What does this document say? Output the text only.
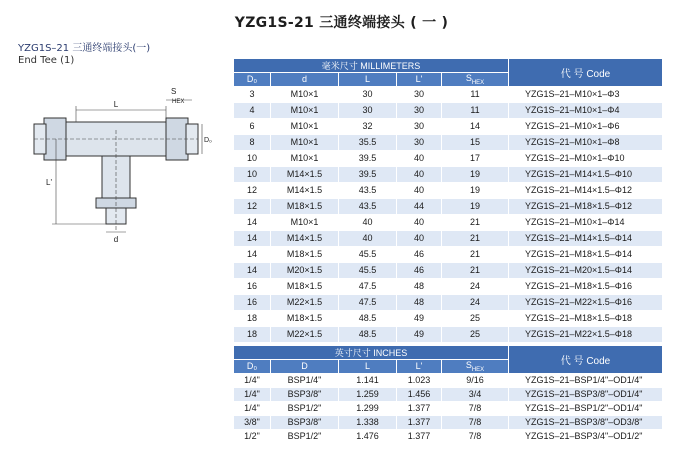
YZG1S-21 三通终端接头 ( 一 )
YZG1S–21 三通终端接头(一)
End Tee (1)
L
S
HEX
D₀
L'
d
毫米尺寸 MILLIMETERS					代 号 Code
D₀	d	L	L'	$S_{HEX}$
3	M10×1	30	30	11	YZG1S–21–M10×1–Φ3
4	M10×1	30	30	11	YZG1S–21–M10×1–Φ4
6	M10×1	32	30	14	YZG1S–21–M10×1–Φ6
8	M10×1	35.5	30	15	YZG1S–21–M10×1–Φ8
10	M10×1	39.5	40	17	YZG1S–21–M10×1–Φ10
10	M14×1.5	39.5	40	19	YZG1S–21–M14×1.5–Φ10
12	M14×1.5	43.5	40	19	YZG1S–21–M14×1.5–Φ12
12	M18×1.5	43.5	44	19	YZG1S–21–M18×1.5–Φ12
14	M10×1	40	40	21	YZG1S–21–M10×1–Φ14
14	M14×1.5	40	40	21	YZG1S–21–M14×1.5–Φ14
14	M18×1.5	45.5	46	21	YZG1S–21–M18×1.5–Φ14
14	M20×1.5	45.5	46	21	YZG1S–21–M20×1.5–Φ14
16	M18×1.5	47.5	48	24	YZG1S–21–M18×1.5–Φ16
16	M22×1.5	47.5	48	24	YZG1S–21–M22×1.5–Φ16
18	M18×1.5	48.5	49	25	YZG1S–21–M18×1.5–Φ18
18	M22×1.5	48.5	49	25	YZG1S–21–M22×1.5–Φ18
英寸尺寸 INCHES					代 号 Code
D₀	D	L	L'	$S_{HEX}$
1/4"	BSP1/4"	1.141	1.023	9/16	YZG1S–21–BSP1/4"–OD1/4"
1/4"	BSP3/8"	1.259	1.456	3/4	YZG1S–21–BSP3/8"–OD1/4"
1/4"	BSP1/2"	1.299	1.377	7/8	YZG1S–21–BSP1/2"–OD1/4"
3/8"	BSP3/8"	1.338	1.377	7/8	YZG1S–21–BSP3/8"–OD3/8"
1/2"	BSP1/2"	1.476	1.377	7/8	YZG1S–21–BSP3/4"–OD1/2"
